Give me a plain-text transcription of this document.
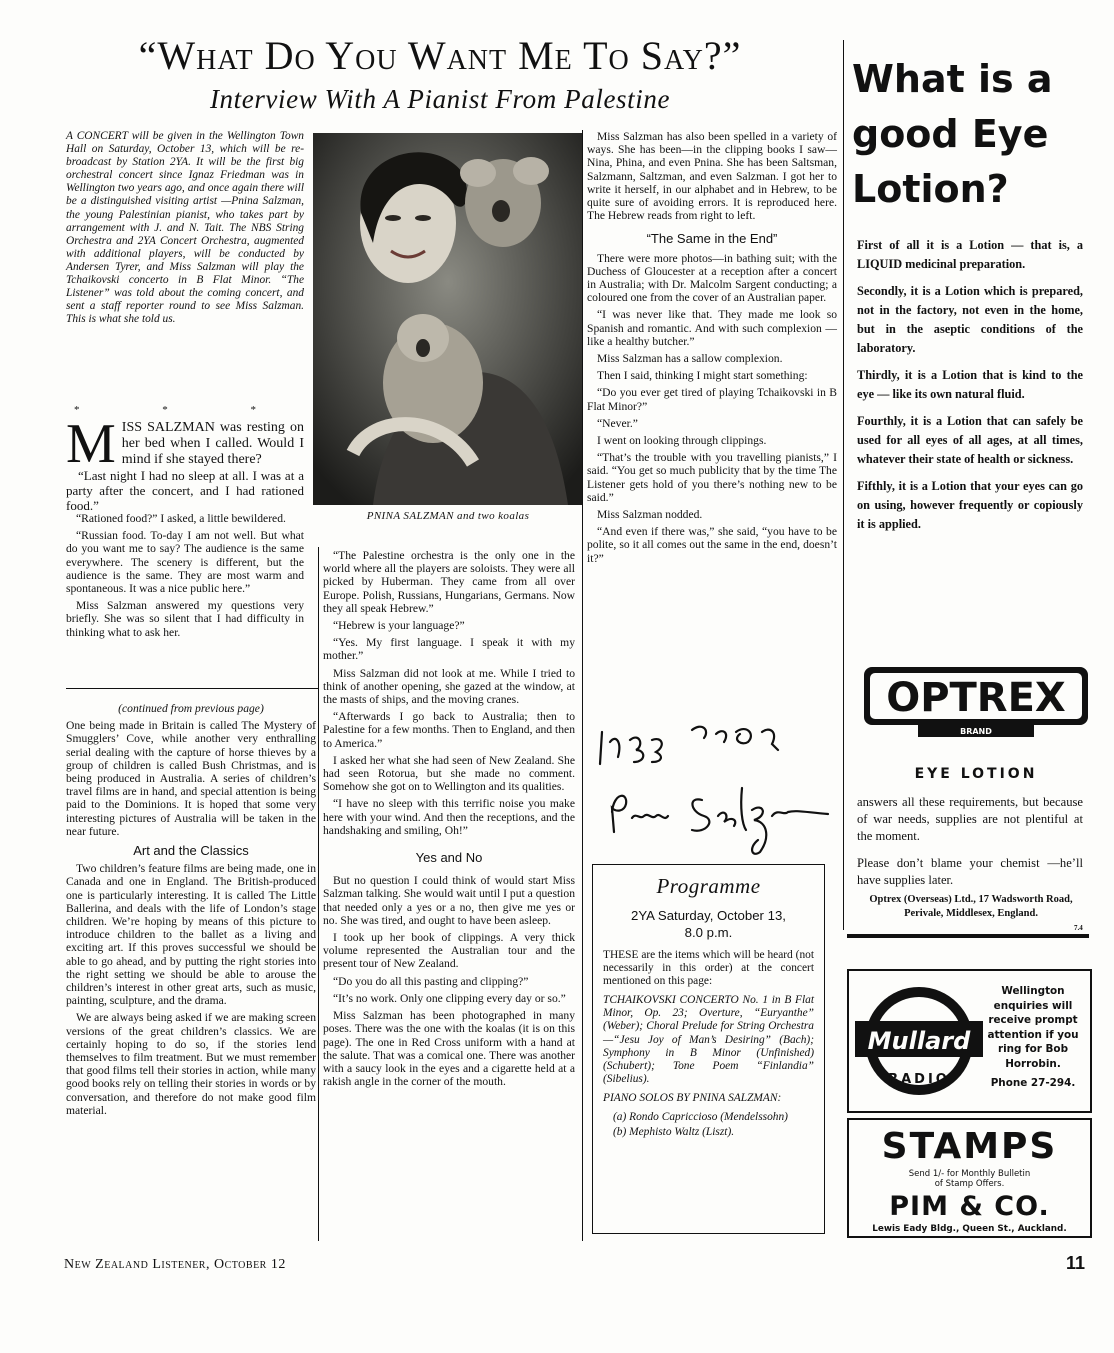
“What Do You Want Me To Say?”
Interview With A Pianist From Palestine
A CONCERT will be given in the Wellington Town Hall on Saturday, October 13, which will be re-broadcast by Station 2YA. It will be the first big orchestral concert since Ignaz Friedman was in Wellington two years ago, and once again there will be a distinguished visiting artist —Pnina Salzman, the young Palestinian pianist, who takes part by arrangement with J. and N. Tait. The NBS String Orchestra and 2YA Concert Orchestra, augmented with additional players, will be conducted by Andersen Tyrer, and Miss Salzman will play the Tchaikovski concerto in B Flat Minor. “The Listener” was told about the coming concert, and sent a staff reporter round to see Miss Salzman. This is what she told us.
* * *
MISS SALZMAN was resting on her bed when I called. Would I mind if she stayed there?
“Last night I had no sleep at all. I was at a party after the concert, and I had rationed food.”

“Rationed food?” I asked, a little bewildered.

“Russian food. To-day I am not well. But what do you want me to say? The audience is the same everywhere. The scenery is different, but the audience is the same. They are most warm and spontaneous. It was a nice public here.”

Miss Salzman answered my questions very briefly. She was so silent that I had difficulty in thinking what to ask her.

(continued from previous page)

One being made in Britain is called The Mystery of Smugglers’ Cove, while another very enthralling serial dealing with the capture of horse thieves by a group of children is called Bush Christmas, and is being produced in Australia. A series of children’s travel films are in hand, and special attention is being paid to the Dominions. It is hoped that some very interesting pictures of Australia will be taken in the near future.

Art and the Classics

Two children’s feature films are being made, one in Canada and one in England. The British-produced one is particularly interesting. It is called The Little Ballerina, and deals with the life of London’s stage children. We’re hoping by means of this picture to introduce children to the ballet as a living and exciting art. If this proves successful we should be able to go ahead, and by putting the right stories into the right setting we should be able to arouse the children’s interest in other great arts, such as music, painting, sculpture, and the drama.

We are always being asked if we are making screen versions of the great children’s classics. We are certainly hoping to do so, if the stories lend themselves to film treatment. But we must remember that good films tell their stories in action, while many good books rely on telling their stories in words or by conversation, and therefore do not make good film material.

PNINA SALZMAN and two koalas

“The Palestine orchestra is the only one in the world where all the players are soloists. They were all picked by Huberman. They came from all over Europe. Polish, Russians, Hungarians, Germans. Now they all speak Hebrew.”

“Hebrew is your language?”

“Yes. My first language. I speak it with my mother.”

Miss Salzman did not look at me. While I tried to think of another opening, she gazed at the window, at the masts of ships, and the moving cranes.

“Afterwards I go back to Australia; then to Palestine for a few months. Then to England, and then to America.”

I asked her what she had seen of New Zealand. She had seen Rotorua, but she made no comment. Somehow she got on to Wellington and its qualities.

“I have no sleep with this terrific noise you make here with your wind. And then the receptions, and the handshaking and smiling, Oh!”

Yes and No

But no question I could think of would start Miss Salzman talking. She would wait until I put a question that needed only a yes or a no, then give me yes or no. She was tired, and ought to have been asleep.

I took up her book of clippings. A very thick volume represented the Australian tour and the present tour of New Zealand.

“Do you do all this pasting and clipping?”

“It’s no work. Only one clipping every day or so.”

Miss Salzman has been photographed in many poses. There was the one with the koalas (it is on this page). The one in Red Cross uniform with a hand at the salute. That was a comical one. There was another with a saucy look in the eyes and a cigarette held at a rakish angle in the corner of the mouth.

Miss Salzman has also been spelled in a variety of ways. She has been—in the clipping books I saw—Nina, Phina, and even Pnina. She has been Saltsman, Salzmann, Saltzman, and even Salzman. I got her to write it herself, in our alphabet and in Hebrew, to be quite sure of avoiding errors. It is reproduced here. The Hebrew reads from right to left.

“The Same in the End”

There were more photos—in bathing suit; with the Duchess of Gloucester at a reception after a concert in Australia; with Dr. Malcolm Sargent conducting; a coloured one from the cover of an Australian paper.

“I was never like that. They made me look so Spanish and romantic. And with such complexion — like a healthy butcher.”

Miss Salzman has a sallow complexion.

Then I said, thinking I might start something:

“Do you ever get tired of playing Tchaikovski in B Flat Minor?”

“Never.”

I went on looking through clippings.

“That’s the trouble with you travelling pianists,” I said. “You get so much publicity that by the time The Listener gets hold of you there’s nothing new to be said.”

Miss Salzman nodded.

“And even if there was,” she said, “you have to be polite, so it all comes out the same in the end, doesn’t it?”

Programme
2YA Saturday, October 13,
8.0 p.m.

THESE are the items which will be heard (not necessarily in this order) at the concert mentioned on this page:

TCHAIKOVSKI CONCERTO No. 1 in B Flat Minor, Op. 23; Overture, “Euryanthe” (Weber); Choral Prelude for String Orchestra—“Jesu Joy of Man’s Desiring” (Bach); Symphony in B Minor (Unfinished) (Schubert); Tone Poem “Finlandia” (Sibelius).

PIANO SOLOS BY PNINA SALZMAN:

(a) Rondo Capriccioso (Mendelssohn)

(b) Mephisto Waltz (Liszt).

New Zealand Listener, October 12	11
What is a good Eye Lotion?

First of all it is a Lotion — that is, a LIQUID medicinal preparation.

Secondly, it is a Lotion which is prepared, not in the factory, not even in the home, but in the aseptic conditions of the laboratory.

Thirdly, it is a Lotion that is kind to the eye — like its own natural fluid.

Fourthly, it is a Lotion that can safely be used for all eyes of all ages, at all times, whatever their state of health or sickness.

Fifthly, it is a Lotion that your eyes can go on using, however frequently or copiously it is applied.

OPTREX
BRAND
EYE LOTION

answers all these requirements, but because of war needs, supplies are not plentiful at the moment.

Please don’t blame your chemist —he’ll have supplies later.

Optrex (Overseas) Ltd., 17 Wadsworth Road, Perivale, Middlesex, England.
7.4
Mullard
RADIO
Wellington enquiries will receive prompt attention if you ring for Bob Horrobin.
Phone 27-294.
STAMPS
Send 1/- for Monthly Bulletin
of Stamp Offers.
PIM & CO.
Lewis Eady Bldg., Queen St., Auckland.
